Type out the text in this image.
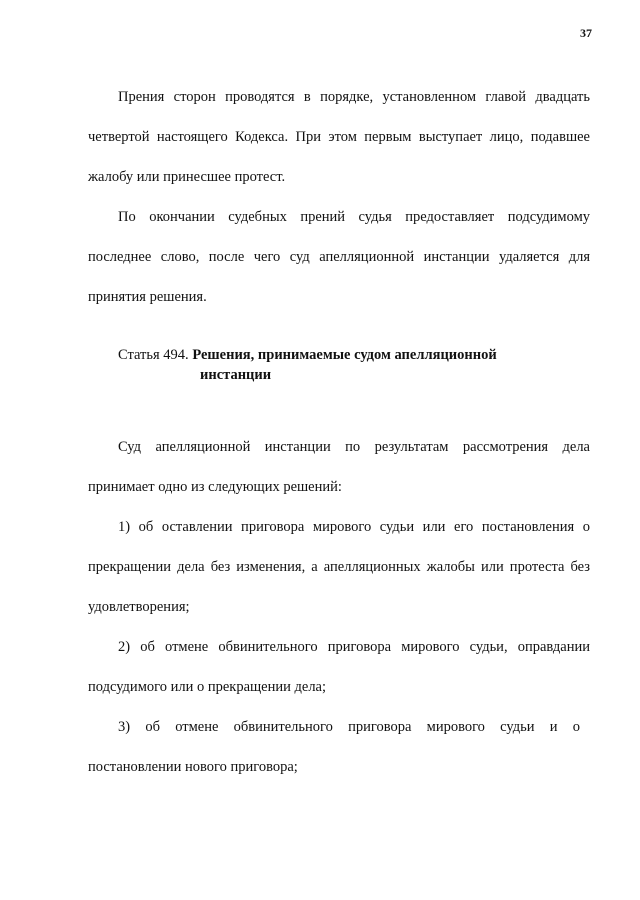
37
Прения сторон проводятся в порядке, установленном главой двадцать
четвертой настоящего Кодекса. При этом первым выступает лицо, подавшее
жалобу или принесшее протест.
По окончании судебных прений судья предоставляет подсудимому
последнее слово, после чего суд апелляционной инстанции удаляется для
принятия решения.
Статья 494. Решения, принимаемые судом апелляционной
инстанции
Суд апелляционной инстанции по результатам рассмотрения дела
принимает одно из следующих решений:
1) об оставлении приговора мирового судьи или его постановления о
прекращении дела без изменения, а апелляционных жалобы или протеста без
удовлетворения;
2) об отмене обвинительного приговора мирового судьи, оправдании
подсудимого или о прекращении дела;
3) об отмене обвинительного приговора мирового судьи и о
постановлении нового приговора;
